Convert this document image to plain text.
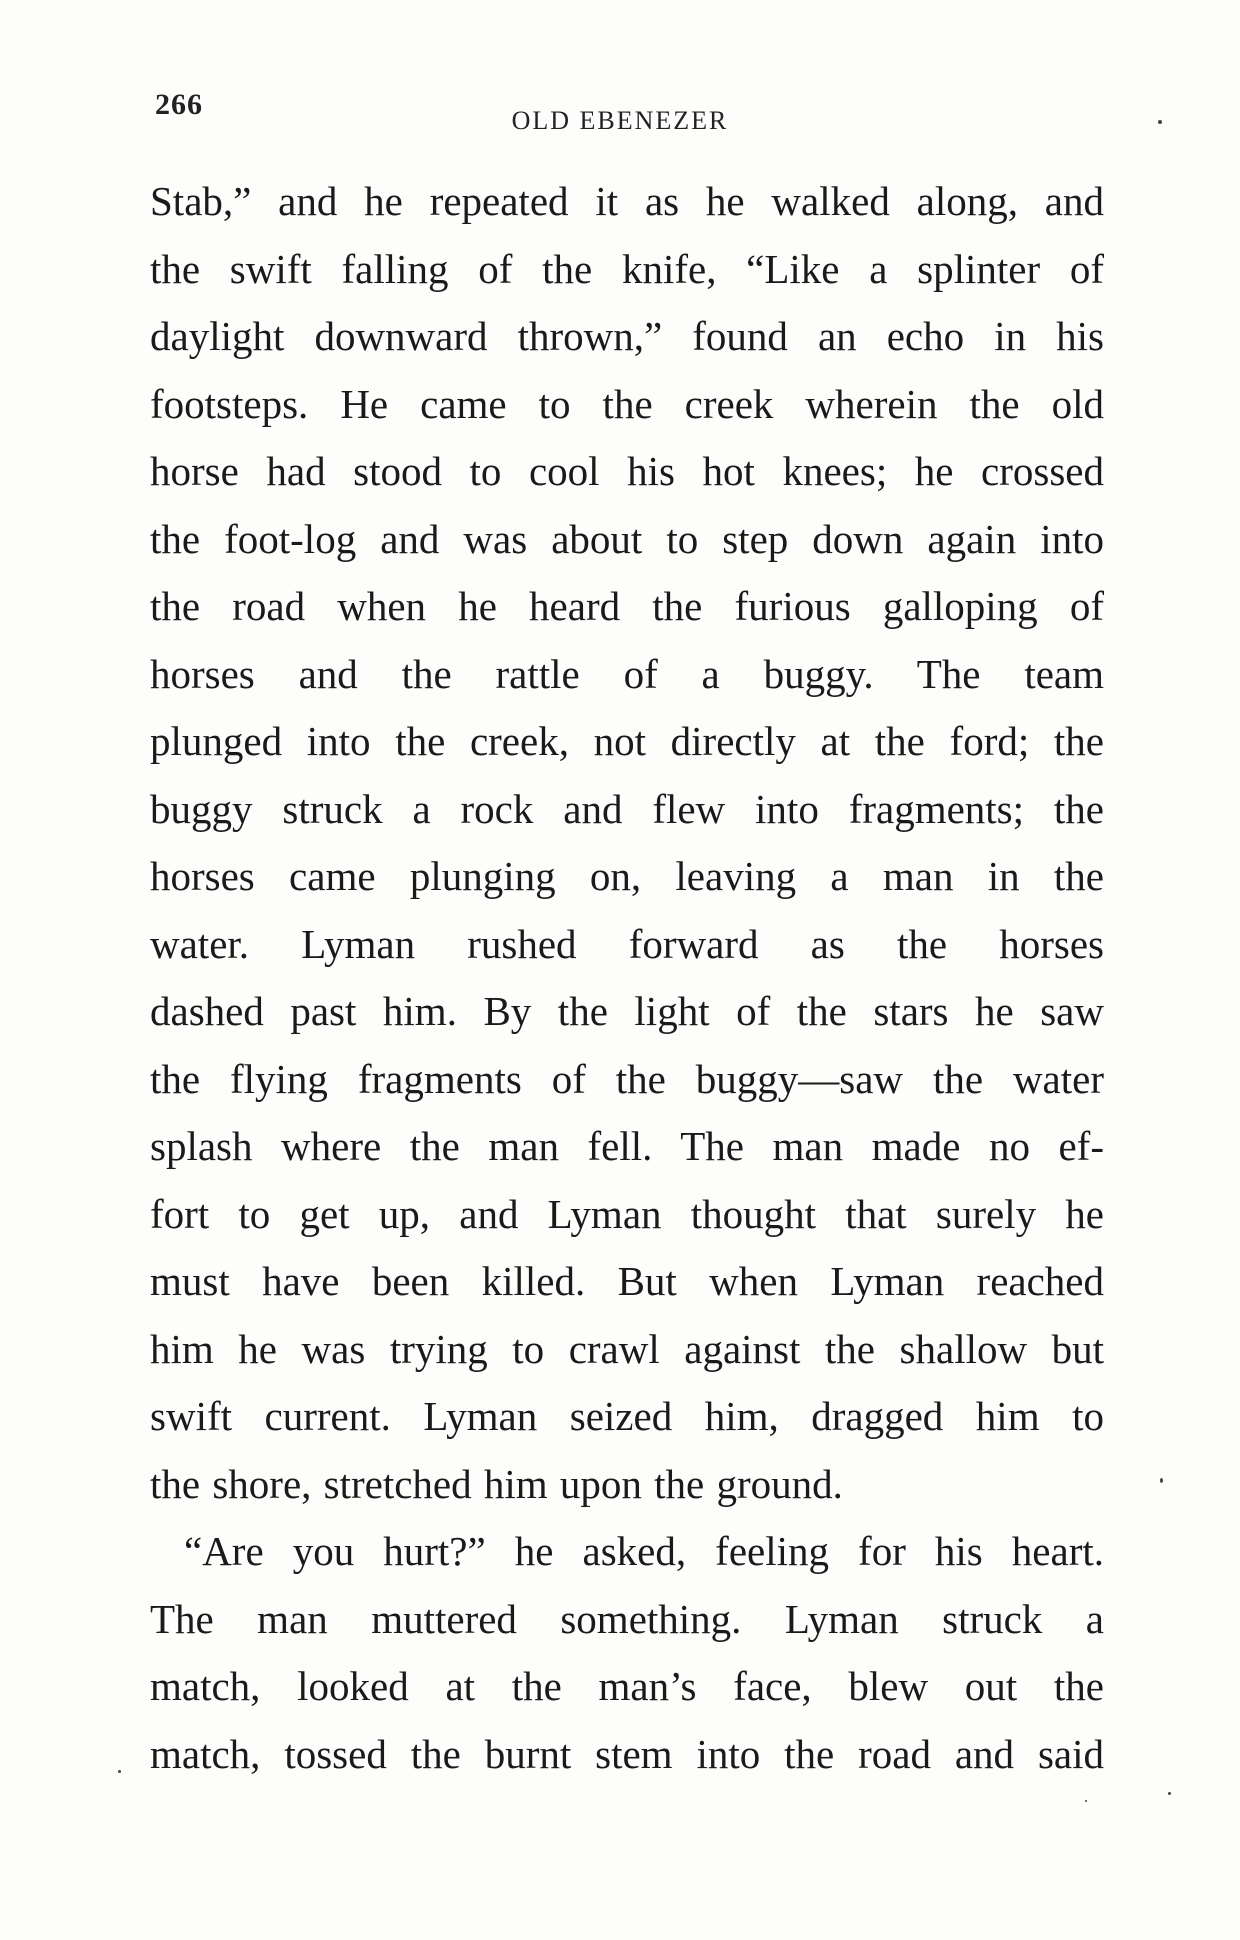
266	OLD EBENEZER
Stab,” and he repeated it as he walked along, and
the swift falling of the knife, “Like a splinter of
daylight downward thrown,” found an echo in his
footsteps. He came to the creek wherein the old
horse had stood to cool his hot knees; he crossed
the foot-log and was about to step down again into
the road when he heard the furious galloping of
horses and the rattle of a buggy. The team
plunged into the creek, not directly at the ford; the
buggy struck a rock and flew into fragments; the
horses came plunging on, leaving a man in the
water. Lyman rushed forward as the horses
dashed past him. By the light of the stars he saw
the flying fragments of the buggy—saw the water
splash where the man fell. The man made no ef-
fort to get up, and Lyman thought that surely he
must have been killed. But when Lyman reached
him he was trying to crawl against the shallow but
swift current. Lyman seized him, dragged him to
the shore, stretched him upon the ground.
“Are you hurt?” he asked, feeling for his heart.
The man muttered something. Lyman struck a
match, looked at the man’s face, blew out the
match, tossed the burnt stem into the road and said
